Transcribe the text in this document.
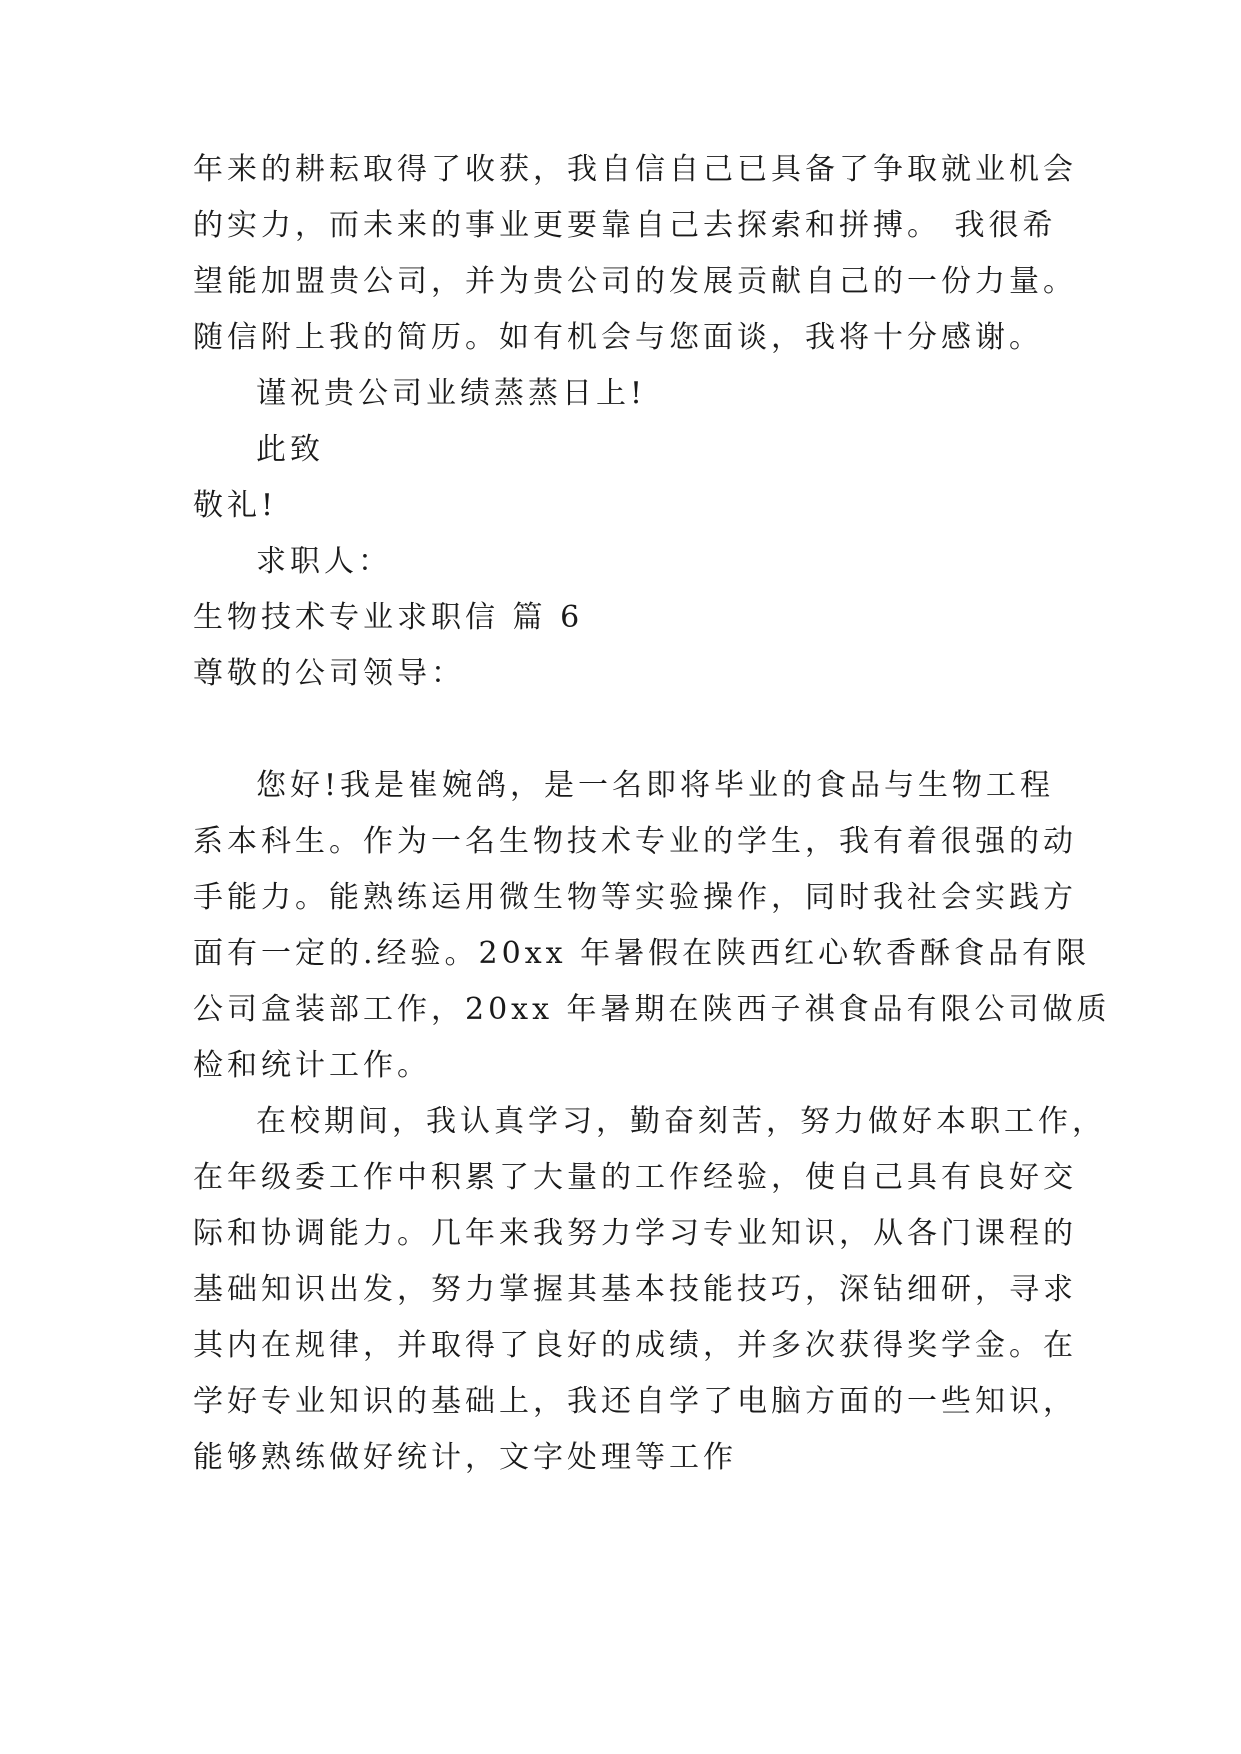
年来的耕耘取得了收获，我自信自己已具备了争取就业机会
的实力，而未来的事业更要靠自己去探索和拼搏。 我很希
望能加盟贵公司，并为贵公司的发展贡献自己的一份力量。
随信附上我的简历。如有机会与您面谈，我将十分感谢。
谨祝贵公司业绩蒸蒸日上!
此致
敬礼!
求职人：
生物技术专业求职信 篇 6
尊敬的公司领导：
您好!我是崔婉鸽，是一名即将毕业的食品与生物工程
系本科生。作为一名生物技术专业的学生，我有着很强的动
手能力。能熟练运用微生物等实验操作，同时我社会实践方
面有一定的.经验。20xx 年暑假在陕西红心软香酥食品有限
公司盒装部工作，20xx 年暑期在陕西子祺食品有限公司做质
检和统计工作。
在校期间，我认真学习，勤奋刻苦，努力做好本职工作，
在年级委工作中积累了大量的工作经验，使自己具有良好交
际和协调能力。几年来我努力学习专业知识，从各门课程的
基础知识出发，努力掌握其基本技能技巧，深钻细研，寻求
其内在规律，并取得了良好的成绩，并多次获得奖学金。在
学好专业知识的基础上，我还自学了电脑方面的一些知识，
能够熟练做好统计，文字处理等工作
